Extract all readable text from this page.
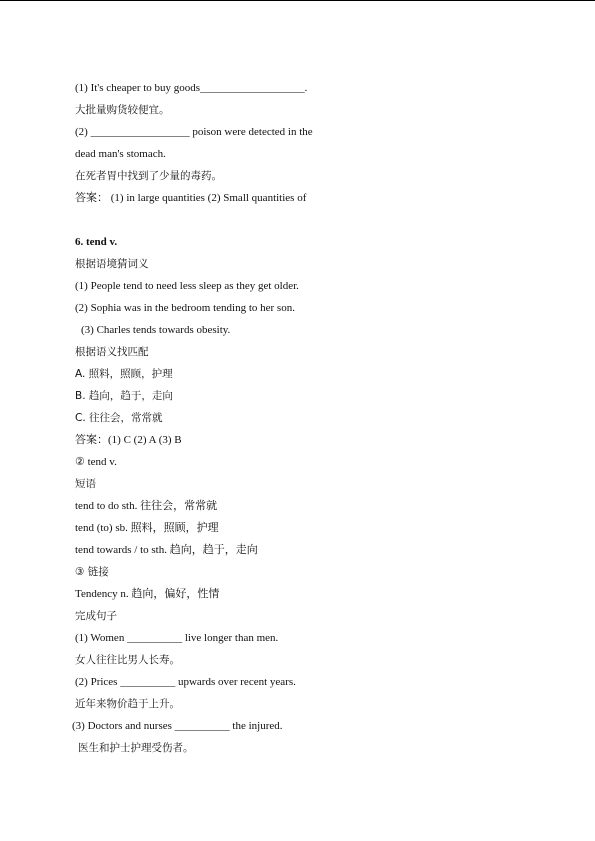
(1) It's cheaper to buy goods___________________.
大批量购货较便宜。
(2) __________________ poison were detected in the
dead man's stomach.
在死者胃中找到了少量的毒药。
答案： (1) in large quantities (2) Small quantities of
6. tend v.
根据语境猜词义
(1) People tend to need less sleep as they get older.
(2) Sophia was in the bedroom tending to her son.
(3) Charles tends towards obesity.
根据语义找匹配
A. 照料，照顾，护理
B. 趋向，趋于，走向
C. 往往会，常常就
答案：(1) C (2) A (3) B
② tend v.
短语
tend to do sth. 往往会，常常就
tend (to) sb. 照料，照顾，护理
tend towards / to sth. 趋向，趋于，走向
③ 链接
Tendency n. 趋向，偏好，性情
完成句子
(1) Women __________ live longer than men.
女人往往比男人长寿。
(2) Prices __________ upwards over recent years.
近年来物价趋于上升。
(3) Doctors and nurses __________ the injured.
医生和护士护理受伤者。
